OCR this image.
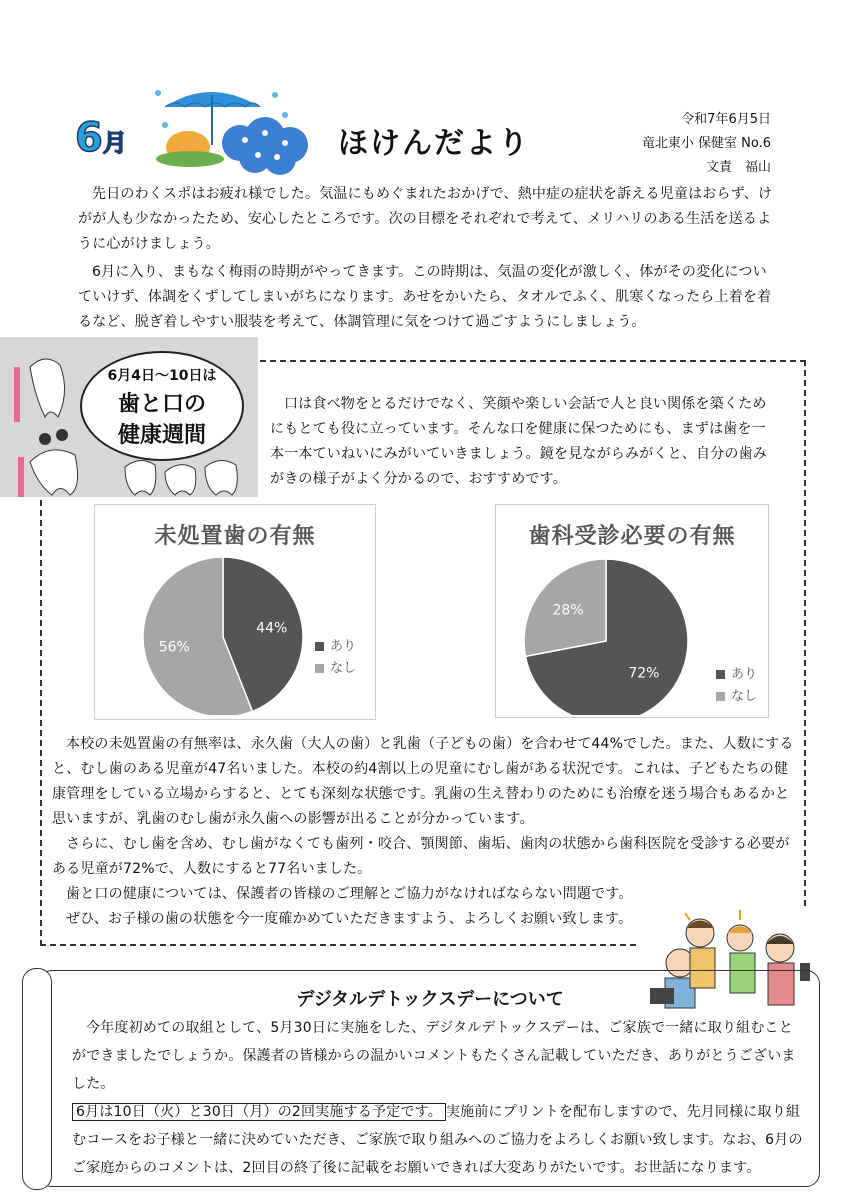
6月	ほけんだより
令和7年6月5日
竜北東小 保健室 No.6
文責　福山

先日のわくスポはお疲れ様でした。気温にもめぐまれたおかげで、熱中症の症状を訴える児童はおらず、けがが人も少なかったため、安心したところです。次の目標をそれぞれで考えて、メリハリのある生活を送るように心がけましょう。

6月に入り、まもなく梅雨の時期がやってきます。この時期は、気温の変化が激しく、体がその変化についていけず、体調をくずしてしまいがちになります。あせをかいたら、タオルでふく、肌寒くなったら上着を着るなど、脱ぎ着しやすい服装を考えて、体調管理に気をつけて過ごすようにしましょう。

6月4日～10日は
歯と口の
健康週間

口は食べ物をとるだけでなく、笑顔や楽しい会話で人と良い関係を築くためにもとても役に立っています。そんな口を健康に保つためにも、まずは歯を一本一本ていねいにみがいていきましょう。鏡を見ながらみがくと、自分の歯みがきの様子がよく分かるので、おすすめです。

未処置歯の有無
44%
56%	あり
なし
歯科受診必要の有無
72%
28%
あり
なし

本校の未処置歯の有無率は、永久歯（大人の歯）と乳歯（子どもの歯）を合わせて44%でした。また、人数にすると、むし歯のある児童が47名いました。本校の約4割以上の児童にむし歯がある状況です。これは、子どもたちの健康管理をしている立場からすると、とても深刻な状態です。乳歯の生え替わりのためにも治療を迷う場合もあるかと思いますが、乳歯のむし歯が永久歯への影響が出ることが分かっています。

さらに、むし歯を含め、むし歯がなくても歯列・咬合、顎関節、歯垢、歯肉の状態から歯科医院を受診する必要がある児童が72%で、人数にすると77名いました。

歯と口の健康については、保護者の皆様のご理解とご協力がなければならない問題です。

ぜひ、お子様の歯の状態を今一度確かめていただきますよう、よろしくお願い致します。

デジタルデトックスデーについて

今年度初めての取組として、5月30日に実施をした、デジタルデトックスデーは、ご家族で一緒に取り組むことができましたでしょうか。保護者の皆様からの温かいコメントもたくさん記載していただき、ありがとうございました。

6月は10日（火）と30日（月）の2回実施する予定です。 実施前にプリントを配布しますので、先月同様に取り組むコースをお子様と一緒に決めていただき、ご家族で取り組みへのご協力をよろしくお願い致します。なお、6月のご家庭からのコメントは、2回目の終了後に記載をお願いできれば大変ありがたいです。お世話になります。
